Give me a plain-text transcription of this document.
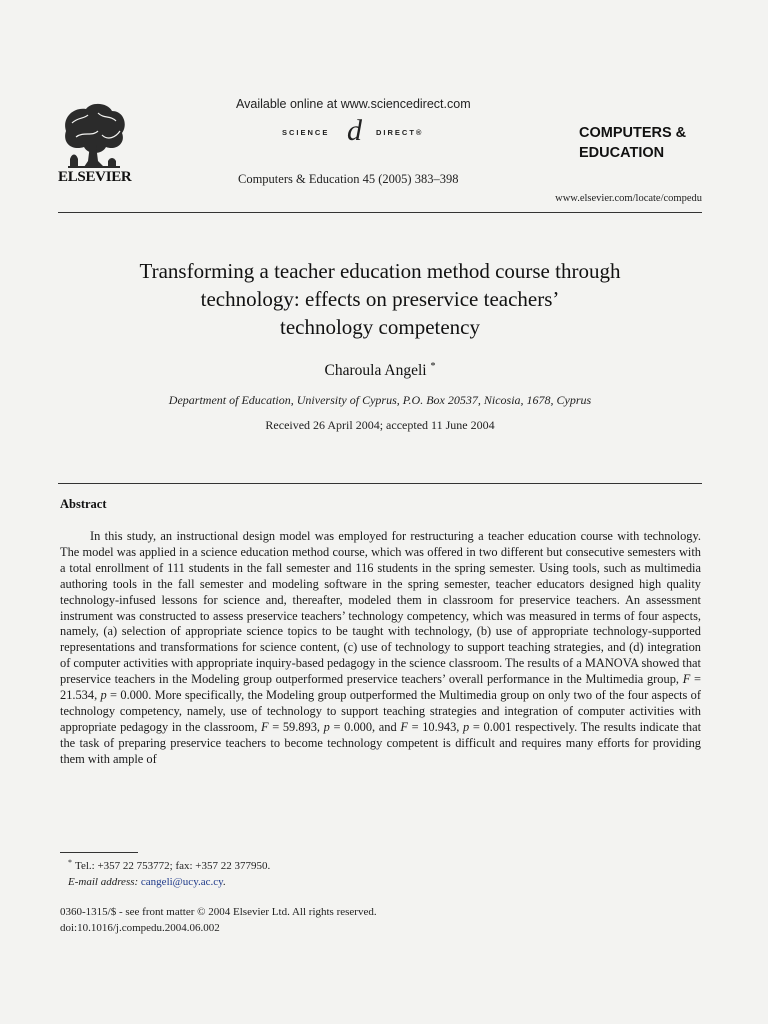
ELSEVIER
Available online at www.sciencedirect.com
SCIENCE d DIRECT®
Computers & Education 45 (2005) 383–398
COMPUTERS &
EDUCATION
www.elsevier.com/locate/compedu
Transforming a teacher education method course through
technology: effects on preservice teachers’
technology competency
Charoula Angeli *
Department of Education, University of Cyprus, P.O. Box 20537, Nicosia, 1678, Cyprus
Received 26 April 2004; accepted 11 June 2004
Abstract

In this study, an instructional design model was employed for restructuring a teacher education course with technology. The model was applied in a science education method course, which was offered in two different but consecutive semesters with a total enrollment of 111 students in the fall semester and 116 students in the spring semester. Using tools, such as multimedia authoring tools in the fall semester and modeling software in the spring semester, teacher educators designed high quality technology-infused lessons for science and, thereafter, modeled them in classroom for preservice teachers. An assessment instrument was constructed to assess preservice teachers’ technology competency, which was measured in terms of four aspects, namely, (a) selection of appropriate science topics to be taught with technology, (b) use of appropriate technology-supported representations and transformations for science content, (c) use of technology to support teaching strategies, and (d) integration of computer activities with appropriate inquiry-based pedagogy in the science classroom. The results of a MANOVA showed that preservice teachers in the Modeling group outperformed preservice teachers’ overall performance in the Multimedia group, F = 21.534, p = 0.000. More specifically, the Modeling group outperformed the Multimedia group on only two of the four aspects of technology competency, namely, use of technology to support teaching strategies and integration of computer activities with appropriate pedagogy in the classroom, F = 59.893, p = 0.000, and F = 10.943, p = 0.001 respectively. The results indicate that the task of preparing preservice teachers to become technology competent is difficult and requires many efforts for providing them with ample of

* Tel.: +357 22 753772; fax: +357 22 377950.
E-mail address: cangeli@ucy.ac.cy.
0360-1315/$ - see front matter © 2004 Elsevier Ltd. All rights reserved.
doi:10.1016/j.compedu.2004.06.002
